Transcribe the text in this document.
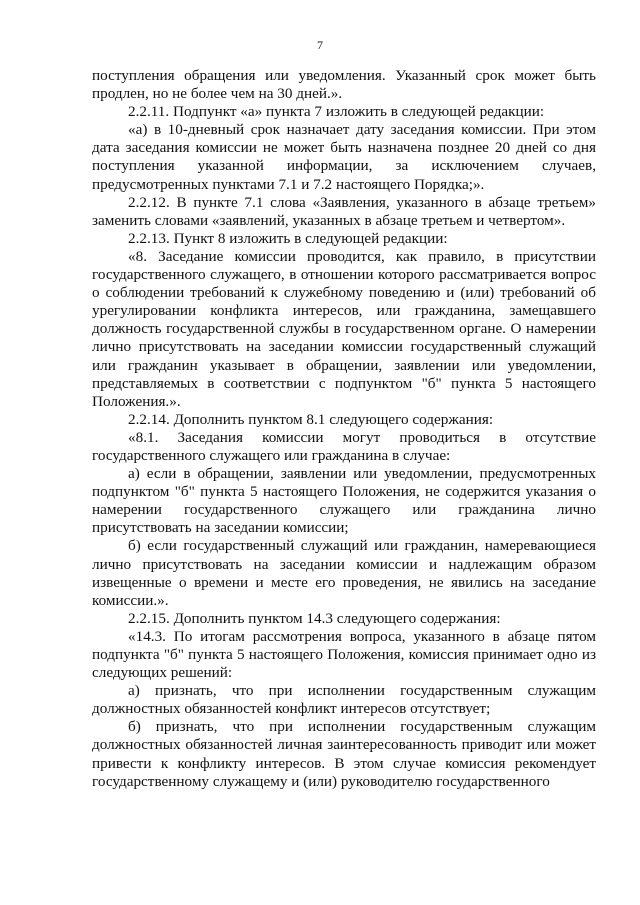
7

поступления обращения или уведомления. Указанный срок может быть продлен, но не более чем на 30 дней.».

2.2.11. Подпункт «а» пункта 7 изложить в следующей редакции:

«а) в 10-дневный срок назначает дату заседания комиссии. При этом дата заседания комиссии не может быть назначена позднее 20 дней со дня поступления указанной информации, за исключением случаев, предусмотренных пунктами 7.1 и 7.2 настоящего Порядка;».

2.2.12. В пункте 7.1 слова «Заявления, указанного в абзаце третьем» заменить словами «заявлений, указанных в абзаце третьем и четвертом».

2.2.13. Пункт 8 изложить в следующей редакции:

«8. Заседание комиссии проводится, как правило, в присутствии государственного служащего, в отношении которого рассматривается вопрос о соблюдении требований к служебному поведению и (или) требований об урегулировании конфликта интересов, или гражданина, замещавшего должность государственной службы в государственном органе. О намерении лично присутствовать на заседании комиссии государственный служащий или гражданин указывает в обращении, заявлении или уведомлении, представляемых в соответствии с подпунктом "б" пункта 5 настоящего Положения.».

2.2.14. Дополнить пунктом 8.1 следующего содержания:

«8.1. Заседания комиссии могут проводиться в отсутствие государственного служащего или гражданина в случае:

а) если в обращении, заявлении или уведомлении, предусмотренных подпунктом "б" пункта 5 настоящего Положения, не содержится указания о намерении государственного служащего или гражданина лично присутствовать на заседании комиссии;

б) если государственный служащий или гражданин, намеревающиеся лично присутствовать на заседании комиссии и надлежащим образом извещенные о времени и месте его проведения, не явились на заседание комиссии.».

2.2.15. Дополнить пунктом 14.3 следующего содержания:

«14.3. По итогам рассмотрения вопроса, указанного в абзаце пятом подпункта "б" пункта 5 настоящего Положения, комиссия принимает одно из следующих решений:

а) признать, что при исполнении государственным служащим должностных обязанностей конфликт интересов отсутствует;

б) признать, что при исполнении государственным служащим должностных обязанностей личная заинтересованность приводит или может привести к конфликту интересов. В этом случае комиссия рекомендует государственному служащему и (или) руководителю государственного
